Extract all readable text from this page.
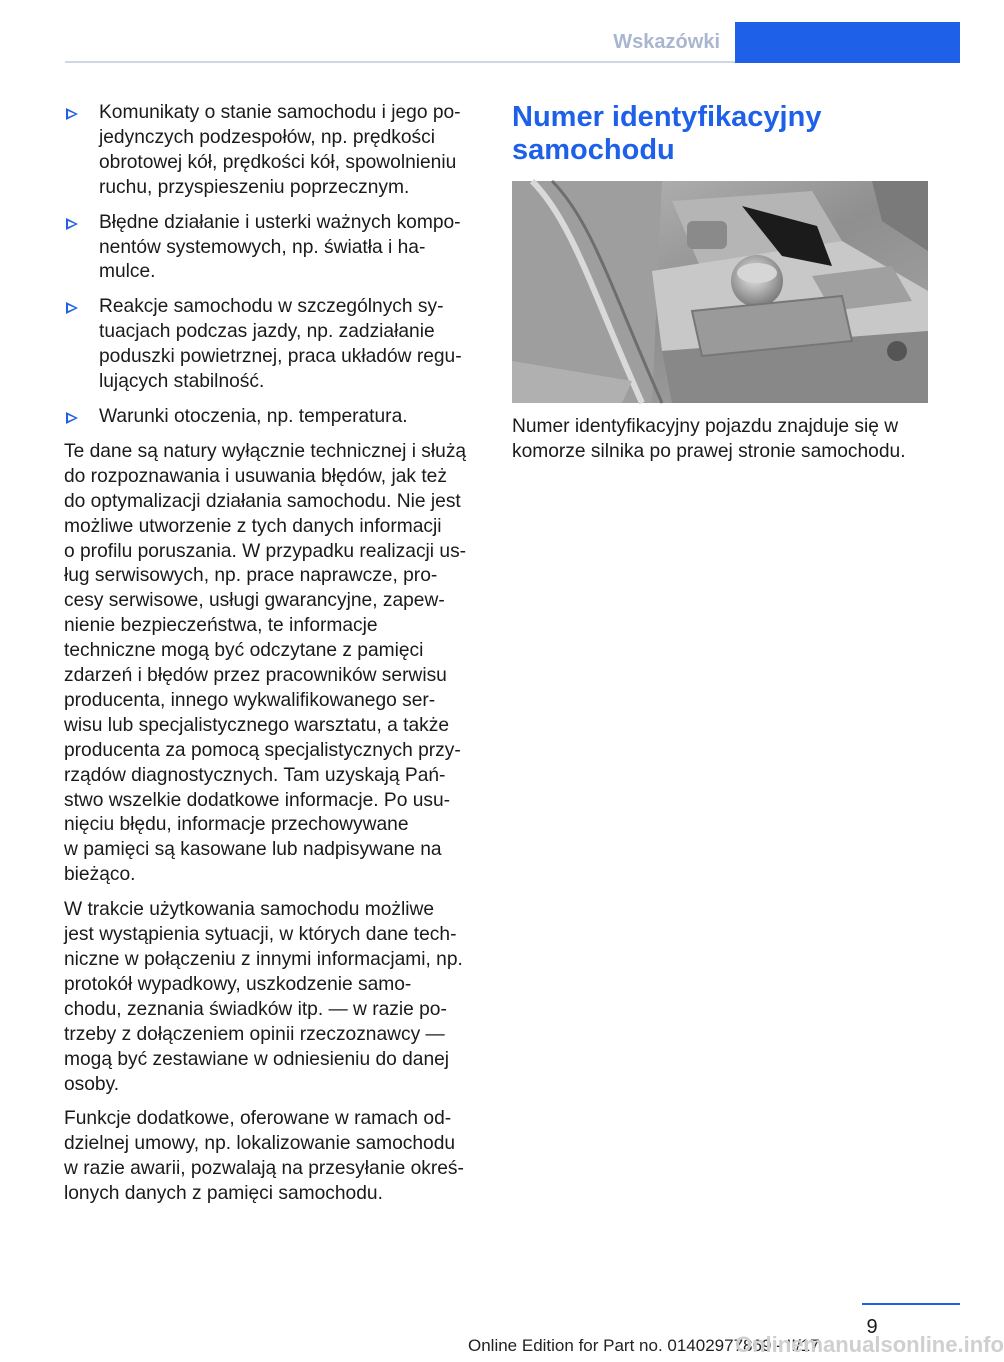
Wskazówki
Komunikaty o stanie samochodu i jego po‐
jedynczych podzespołów, np. prędkości
obrotowej kół, prędkości kół, spowolnieniu
ruchu, przyspieszeniu poprzecznym.
Błędne działanie i usterki ważnych kompo‐
nentów systemowych, np. światła i ha‐
mulce.
Reakcje samochodu w szczególnych sy‐
tuacjach podczas jazdy, np. zadziałanie
poduszki powietrznej, praca układów regu‐
lujących stabilność.
Warunki otoczenia, np. temperatura.

Te dane są natury wyłącznie technicznej i służą
do rozpoznawania i usuwania błędów, jak też
do optymalizacji działania samochodu. Nie jest
możliwe utworzenie z tych danych informacji
o profilu poruszania. W przypadku realizacji us‐
ług serwisowych, np. prace naprawcze, pro‐
cesy serwisowe, usługi gwarancyjne, zapew‐
nienie bezpieczeństwa, te informacje
techniczne mogą być odczytane z pamięci
zdarzeń i błędów przez pracowników serwisu
producenta, innego wykwalifikowanego ser‐
wisu lub specjalistycznego warsztatu, a także
producenta za pomocą specjalistycznych przy‐
rządów diagnostycznych. Tam uzyskają Pań‐
stwo wszelkie dodatkowe informacje. Po usu‐
nięciu błędu, informacje przechowywane
w pamięci są kasowane lub nadpisywane na
bieżąco.

W trakcie użytkowania samochodu możliwe
jest wystąpienia sytuacji, w których dane tech‐
niczne w połączeniu z innymi informacjami, np.
protokół wypadkowy, uszkodzenie samo‐
chodu, zeznania świadków itp. — w razie po‐
trzeby z dołączeniem opinii rzeczoznawcy —
mogą być zestawiane w odniesieniu do danej
osoby.

Funkcje dodatkowe, oferowane w ramach od‐
dzielnej umowy, np. lokalizowanie samochodu
w razie awarii, pozwalają na przesyłanie okreś‐
lonych danych z pamięci samochodu.

Numer identyfikacyjny
samochodu
Numer identyfikacyjny pojazdu znajduje się w
komorze silnika po prawej stronie samochodu.
9
Online Edition for Part no. 01402977869 - II/17
Onlinemanualsonline.info
